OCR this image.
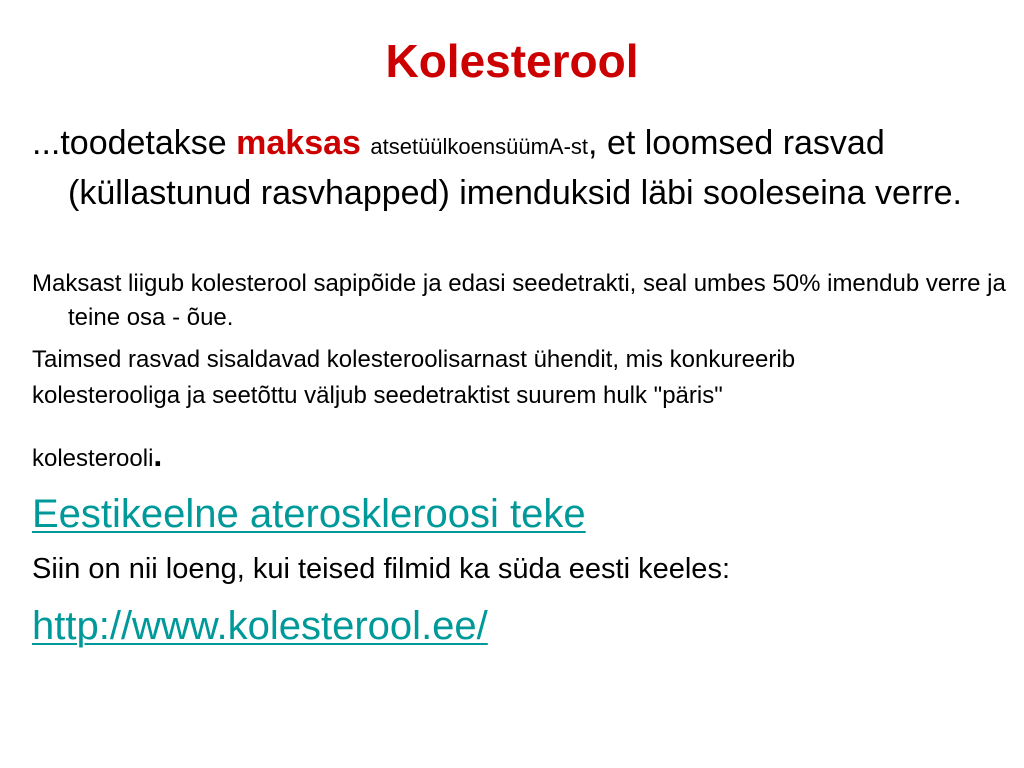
Kolesterool

...toodetakse maksas atsetüülkoensüümA-st, et loomsed rasvad (küllastunud rasvhapped) imenduksid läbi sooleseina verre.

Maksast liigub kolesterool sapipõide ja edasi seedetrakti, seal umbes 50% imendub verre ja teine osa - õue.

Taimsed rasvad sisaldavad kolesteroolisarnast ühendit, mis konkureerib

kolesterooliga ja seetõttu väljub seedetraktist suurem hulk "päris"

kolesterooli.

Eestikeelne ateroskleroosi teke

Siin on nii loeng, kui teised filmid ka süda eesti keeles:

http://www.kolesterool.ee/
